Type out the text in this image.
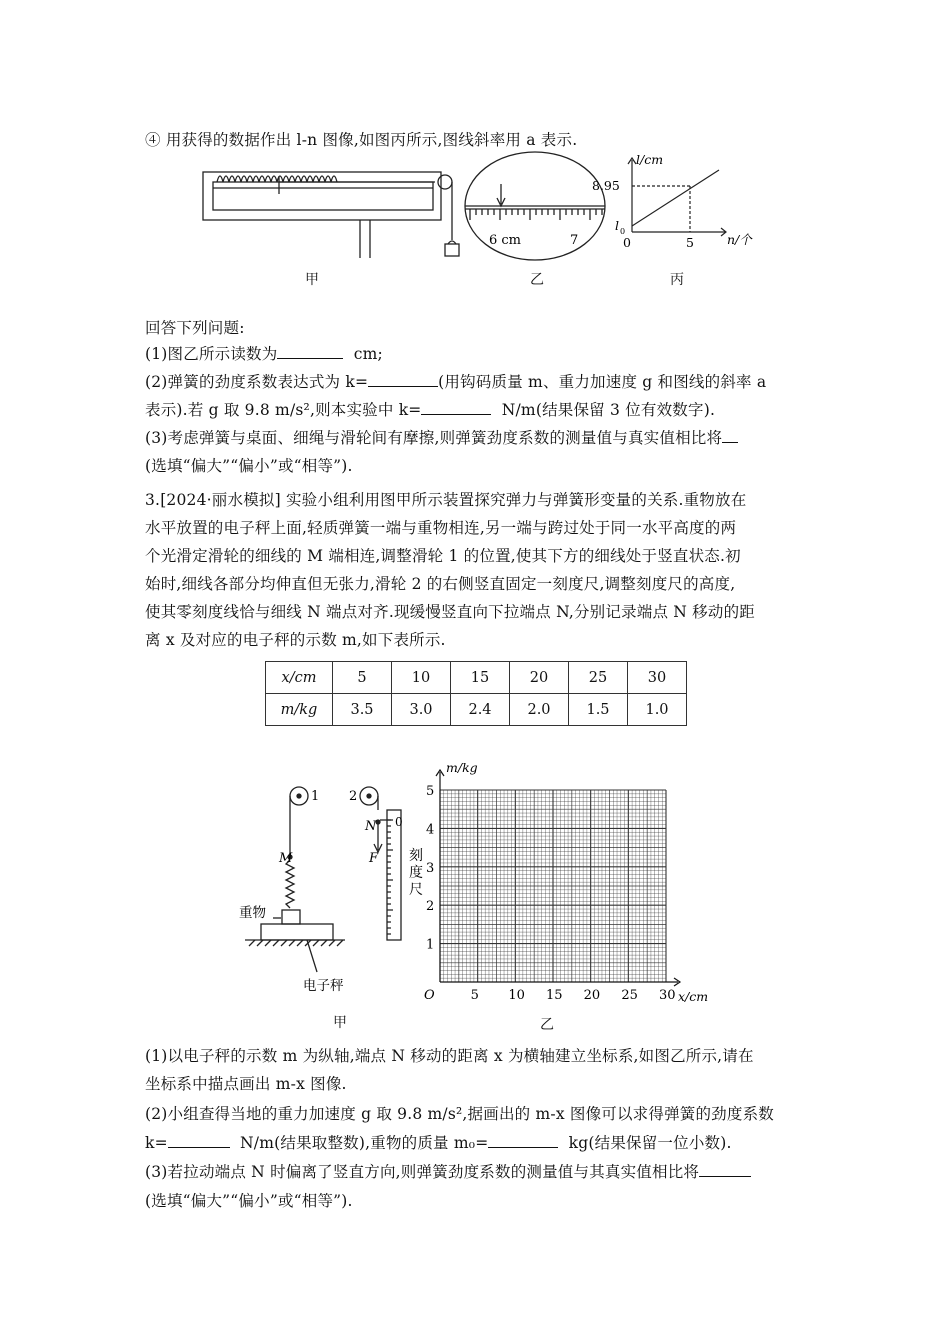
④ 用获得的数据作出 l-n 图像,如图丙所示,图线斜率用 a 表示.
6 cm	7
l/cm
8.95
l 0
0	5	n/个
甲	乙	丙
回答下列问题:
(1)图乙所示读数为	cm;
(2)弹簧的劲度系数表达式为 k=	(用钩码质量 m、重力加速度 g 和图线的斜率 a
表示).若 g 取 9.8 m/s²,则本实验中 k=	N/m(结果保留 3 位有效数字).
(3)考虑弹簧与桌面、细绳与滑轮间有摩擦,则弹簧劲度系数的测量值与真实值相比将
(选填“偏大”“偏小”或“相等”).
3.[2024·丽水模拟] 实验小组利用图甲所示装置探究弹力与弹簧形变量的关系.重物放在
水平放置的电子秤上面,轻质弹簧一端与重物相连,另一端与跨过处于同一水平高度的两
个光滑定滑轮的细线的 M 端相连,调整滑轮 1 的位置,使其下方的细线处于竖直状态.初
始时,细线各部分均伸直但无张力,滑轮 2 的右侧竖直固定一刻度尺,调整刻度尺的高度,
使其零刻度线恰与细线 N 端点对齐.现缓慢竖直向下拉端点 N,分别记录端点 N 移动的距
离 x 及对应的电子秤的示数 m,如下表所示.
x/cm	5	10	15	20	25	30
m/kg	3.5	3.0	2.4	2.0	1.5	1.0
1 2
M
N
F
0
刻
度
尺
重物
电子秤
甲	乙
5 10 15 20 25 30
1
2
3
4
5
O	x/cm
m/kg
(1)以电子秤的示数 m 为纵轴,端点 N 移动的距离 x 为横轴建立坐标系,如图乙所示,请在
坐标系中描点画出 m-x 图像.
(2)小组查得当地的重力加速度 g 取 9.8 m/s²,据画出的 m-x 图像可以求得弹簧的劲度系数
k=	N/m(结果取整数),重物的质量 m₀=	kg(结果保留一位小数).
(3)若拉动端点 N 时偏离了竖直方向,则弹簧劲度系数的测量值与其真实值相比将
(选填“偏大”“偏小”或“相等”).
